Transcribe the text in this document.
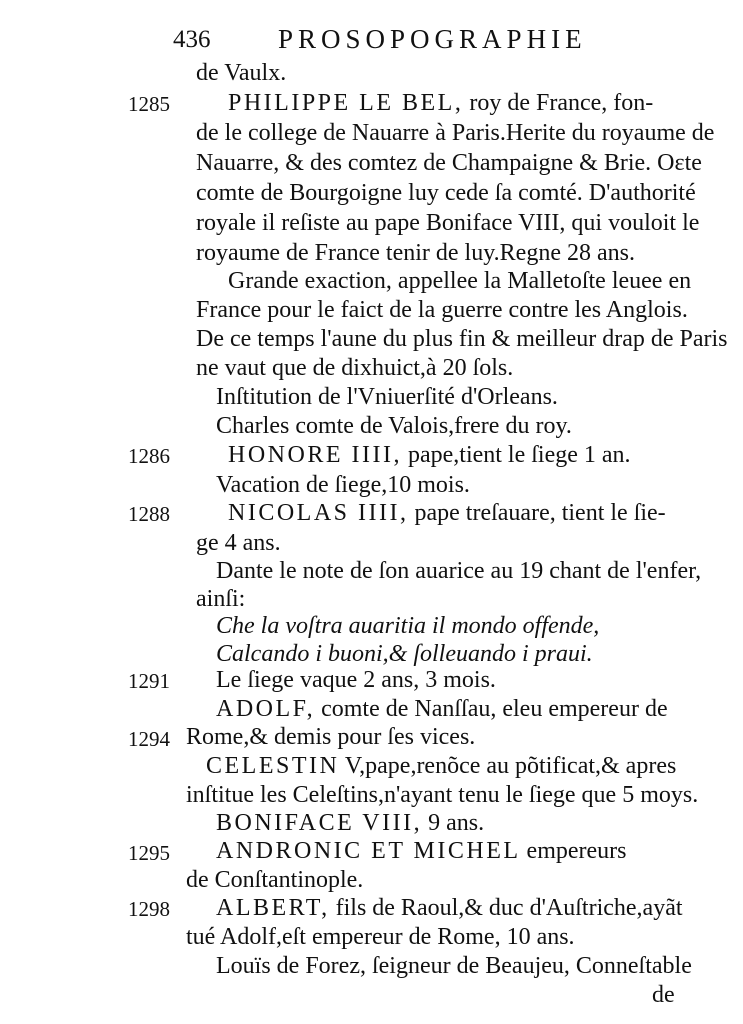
436	PROSOPOGRAPHIE
de Vaulx.
1285 PHILIPPE LE BEL, roy de France, fon-
de le college de Nauarre à Paris.Herite du royaume de
Nauarre, & des comtez de Champaigne & Brie. Oɛte
comte de Bourgoigne luy cede ſa comté. D'authorité
royale il reſiste au pape Boniface VIII, qui vouloit le
royaume de France tenir de luy.Regne 28 ans.
Grande exaction, appellee la Malletoſte leuee en
France pour le faict de la guerre contre les Anglois.
De ce temps l'aune du plus fin & meilleur drap de Paris
ne vaut que de dixhuict,à 20 ſols.
Inſtitution de l'Vniuerſité d'Orleans.
Charles comte de Valois,frere du roy.
1286 HONORE IIII, pape,tient le ſiege 1 an.
Vacation de ſiege,10 mois.
1288 NICOLAS IIII, pape treſauare, tient le ſie-
ge 4 ans.
Dante le note de ſon auarice au 19 chant de l'enfer,
ainſi:
Che la voſtra auaritia il mondo offende,
Calcando i buoni,& ſolleuando i praui.
1291 Le ſiege vaque 2 ans, 3 mois.
ADOLF, comte de Nanſſau, eleu empereur de
1294 Rome,& demis pour ſes vices.
CELESTIN V,pape,renõce au põtificat,& apres
inſtitue les Celeſtins,n'ayant tenu le ſiege que 5 moys.
BONIFACE VIII, 9 ans.
1295 ANDRONIC ET MICHEL empereurs
de Conſtantinople.
1298 ALBERT, fils de Raoul,& duc d'Auſtriche,ayãt
tué Adolf,eſt empereur de Rome, 10 ans.
Louïs de Forez, ſeigneur de Beaujeu, Conneſtable
de
